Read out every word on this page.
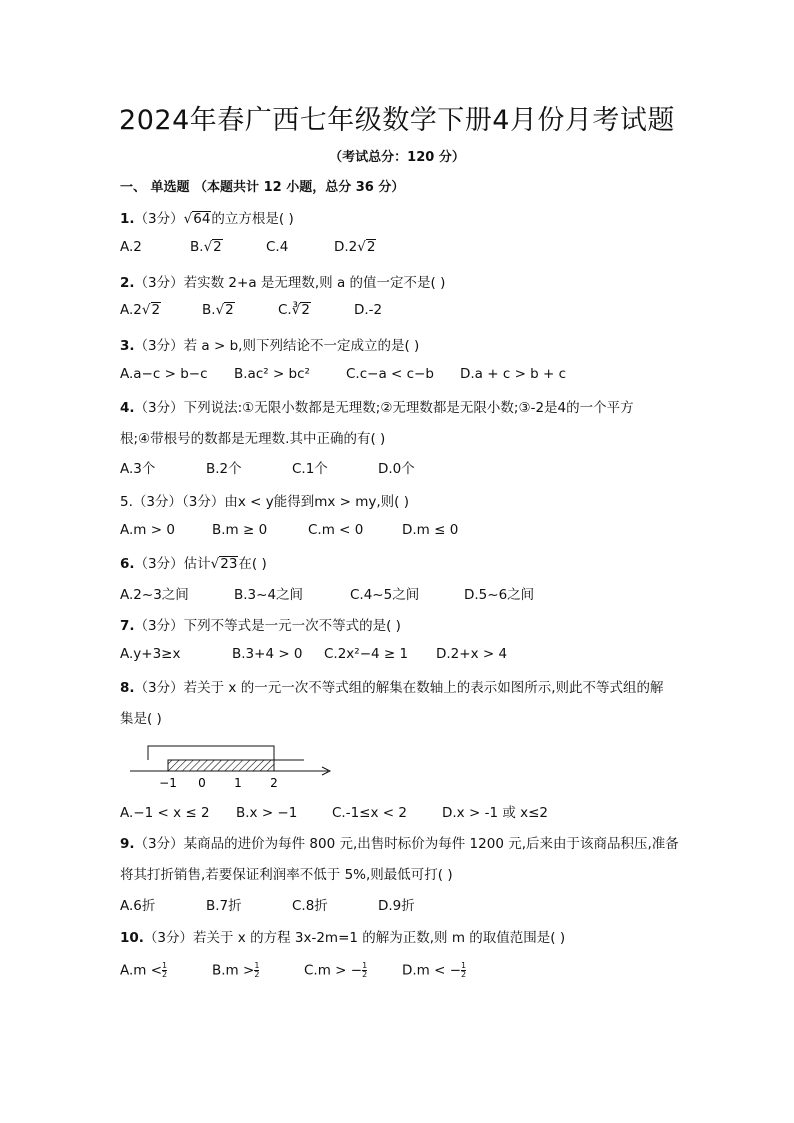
2024年春广西七年级数学下册4月份月考试题
（考试总分：120 分）
一、 单选题 （本题共计 12 小题，总分 36 分）
1.（3分）√64的立方根是( )
A.2	B.√2	C.4	D.2√2
2.（3分）若实数 2+a 是无理数,则 a 的值一定不是( )
A.2√2	B.√2	C.∛2	D.-2
3.（3分）若 a > b,则下列结论不一定成立的是( )
A.a−c > b−c B.ac² > bc²	C.c−a < c−b D.a + c > b + c
4.（3分）下列说法:①无限小数都是无理数;②无理数都是无限小数;③-2是4的一个平方
根;④带根号的数都是无理数.其中正确的有( )
A.3个	B.2个	C.1个	D.0个
5.（3分）（3分）由x < y能得到mx > my,则( )
A.m > 0	B.m ≥ 0	C.m < 0	D.m ≤ 0
6.（3分）估计√23在( )
A.2~3之间	B.3~4之间	C.4~5之间	D.5~6之间
7.（3分）下列不等式是一元一次不等式的是( )
A.y+3≥x	B.3+4 > 0 C.2x²−4 ≥ 1 D.2+x > 4
8.（3分）若关于 x 的一元一次不等式组的解集在数轴上的表示如图所示,则此不等式组的解
集是( )
−1 0 1 2
A.−1 < x ≤ 2 B.x > −1	C.-1≤x < 2	D.x > -1 或 x≤2
9.（3分）某商品的进价为每件 800 元,出售时标价为每件 1200 元,后来由于该商品积压,准备
将其打折销售,若要保证利润率不低于 5%,则最低可打( )
A.6折	B.7折	C.8折	D.9折
10.（3分）若关于 x 的方程 3x-2m=1 的解为正数,则 m 的取值范围是( )
$A.m < \frac{1}{2}$	$B.m > \frac{1}{2}$	C.m > − $\frac{1}{2}$	D.m < − $\frac{1}{2}$
